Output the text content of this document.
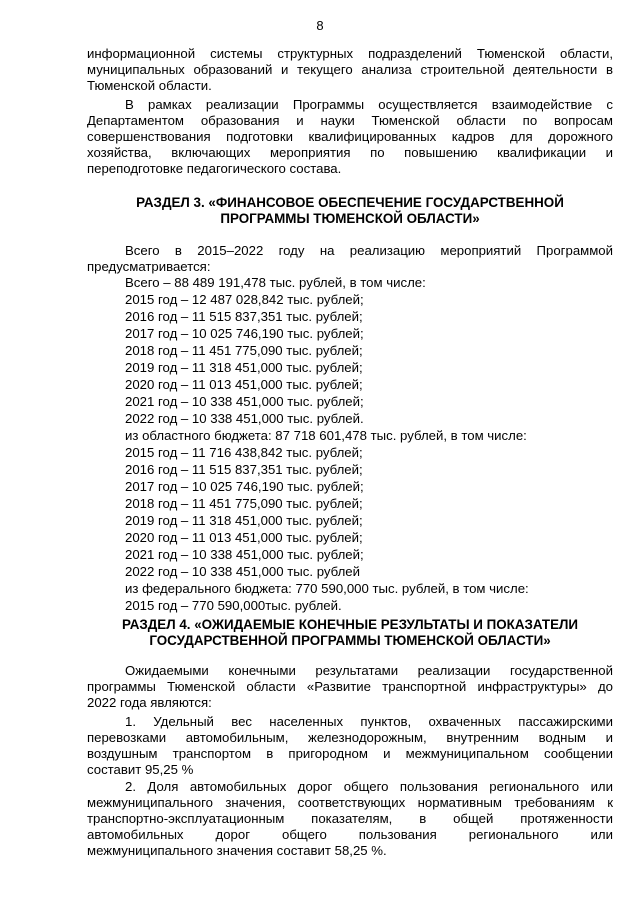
8
информационной системы структурных подразделений Тюменской области,
муниципальных образований и текущего анализа строительной деятельности в
Тюменской области.
В рамках реализации Программы осуществляется взаимодействие с
Департаментом образования и науки Тюменской области по вопросам
совершенствования подготовки квалифицированных кадров для дорожного
хозяйства, включающих мероприятия по повышению квалификации и
переподготовке педагогического состава.
РАЗДЕЛ 3. «ФИНАНСОВОЕ ОБЕСПЕЧЕНИЕ ГОСУДАРСТВЕННОЙ
ПРОГРАММЫ ТЮМЕНСКОЙ ОБЛАСТИ»
Всего в 2015–2022 году на реализацию мероприятий Программой
предусматривается:
Всего – 88 489 191,478 тыс. рублей, в том числе:
2015 год – 12 487 028,842 тыс. рублей;
2016 год – 11 515 837,351 тыс. рублей;
2017 год – 10 025 746,190 тыс. рублей;
2018 год – 11 451 775,090 тыс. рублей;
2019 год – 11 318 451,000 тыс. рублей;
2020 год – 11 013 451,000 тыс. рублей;
2021 год – 10 338 451,000 тыс. рублей;
2022 год – 10 338 451,000 тыс. рублей.
из областного бюджета: 87 718 601,478 тыс. рублей, в том числе:
2015 год – 11 716 438,842 тыс. рублей;
2016 год – 11 515 837,351 тыс. рублей;
2017 год – 10 025 746,190 тыс. рублей;
2018 год – 11 451 775,090 тыс. рублей;
2019 год – 11 318 451,000 тыс. рублей;
2020 год – 11 013 451,000 тыс. рублей;
2021 год – 10 338 451,000 тыс. рублей;
2022 год – 10 338 451,000 тыс. рублей
из федерального бюджета: 770 590,000 тыс. рублей, в том числе:
2015 год – 770 590,000тыс. рублей.
РАЗДЕЛ 4. «ОЖИДАЕМЫЕ КОНЕЧНЫЕ РЕЗУЛЬТАТЫ И ПОКАЗАТЕЛИ
ГОСУДАРСТВЕННОЙ ПРОГРАММЫ ТЮМЕНСКОЙ ОБЛАСТИ»
Ожидаемыми конечными результатами реализации государственной
программы Тюменской области «Развитие транспортной инфраструктуры» до
2022 года являются:
1. Удельный вес населенных пунктов, охваченных пассажирскими
перевозками автомобильным, железнодорожным, внутренним водным и
воздушным транспортом в пригородном и межмуниципальном сообщении
составит 95,25 %
2. Доля автомобильных дорог общего пользования регионального или
межмуниципального значения, соответствующих нормативным требованиям к
транспортно-эксплуатационным показателям, в общей протяженности
автомобильных дорог общего пользования регионального или
межмуниципального значения составит 58,25 %.
